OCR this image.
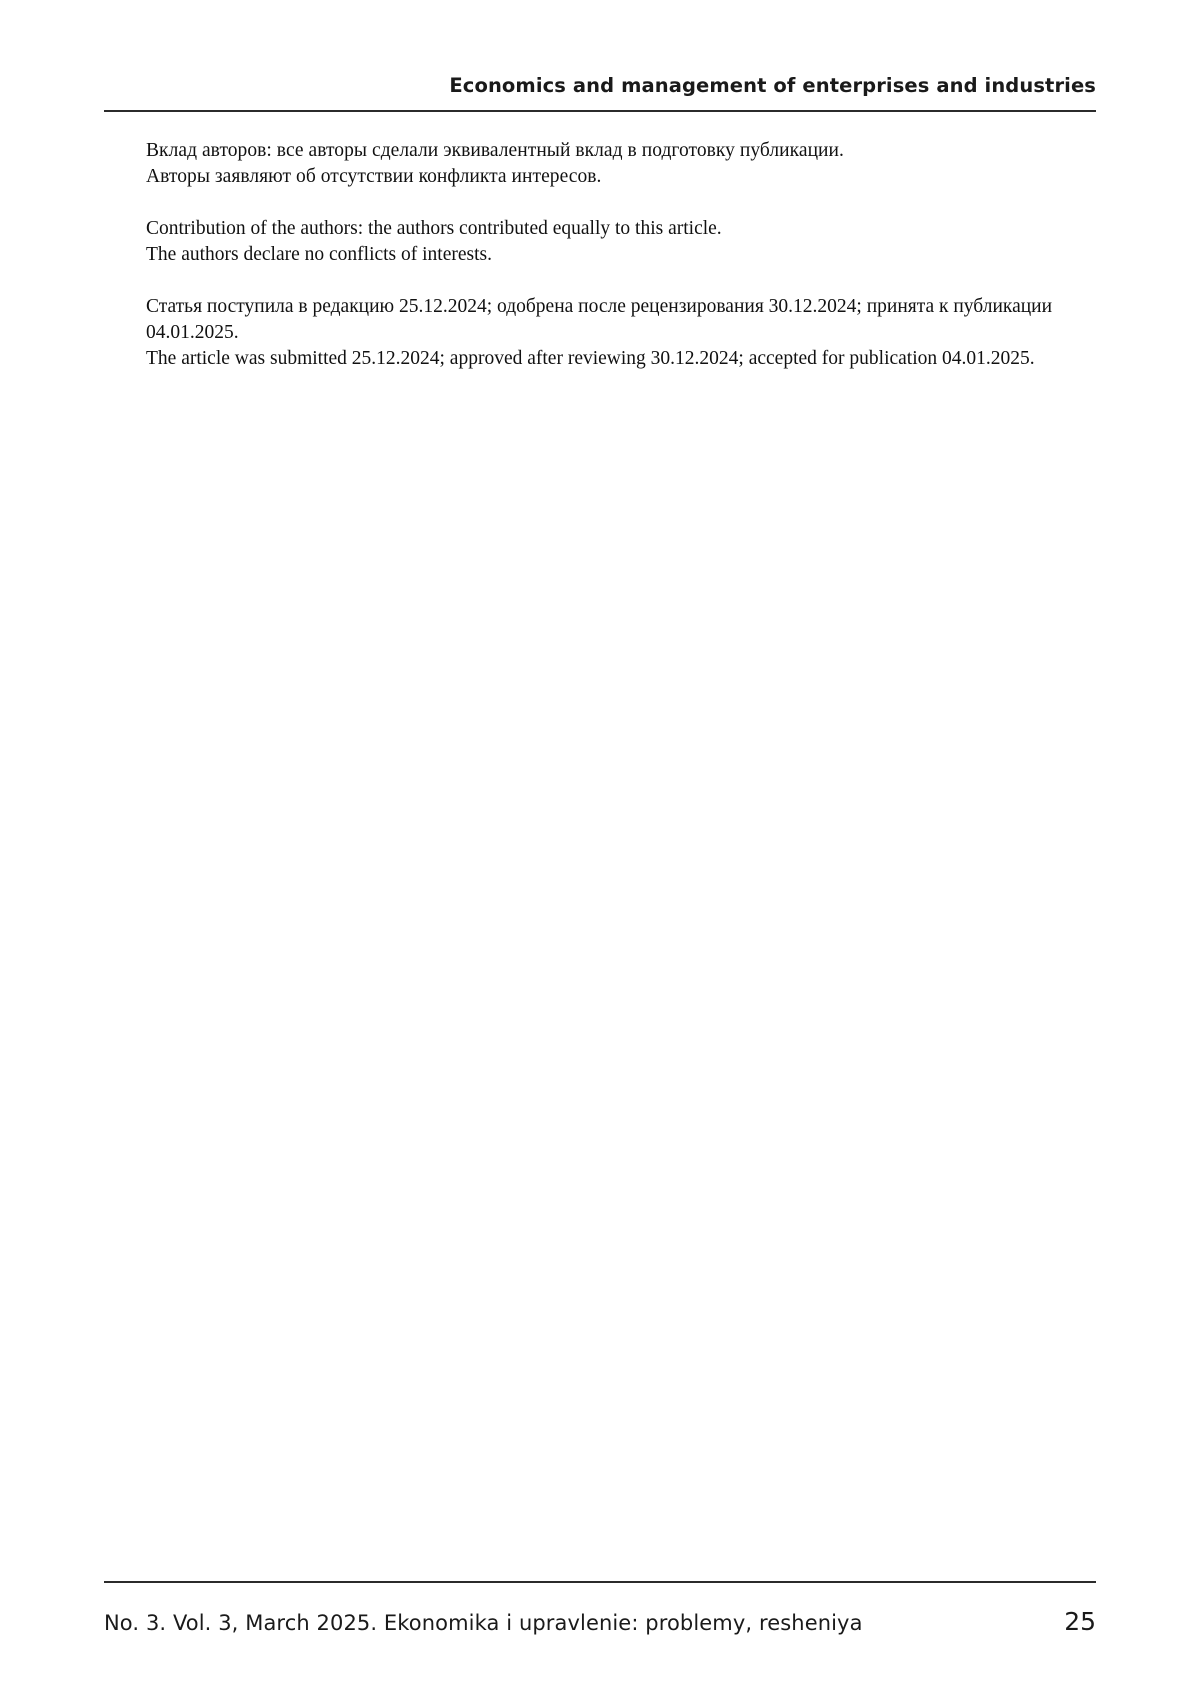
Economics and management of enterprises and industries

Вклад авторов: все авторы сделали эквивалентный вклад в подготовку публикации.
Авторы заявляют об отсутствии конфликта интересов.

Contribution of the authors: the authors contributed equally to this article.
The authors declare no conflicts of interests.

Статья поступила в редакцию 25.12.2024; одобрена после рецензирования 30.12.2024; принята к публикации
04.01.2025.
The article was submitted 25.12.2024; approved after reviewing 30.12.2024; accepted for publication 04.01.2025.

No. 3. Vol. 3, March 2025. Ekonomika i upravlenie: problemy, resheniya	25
